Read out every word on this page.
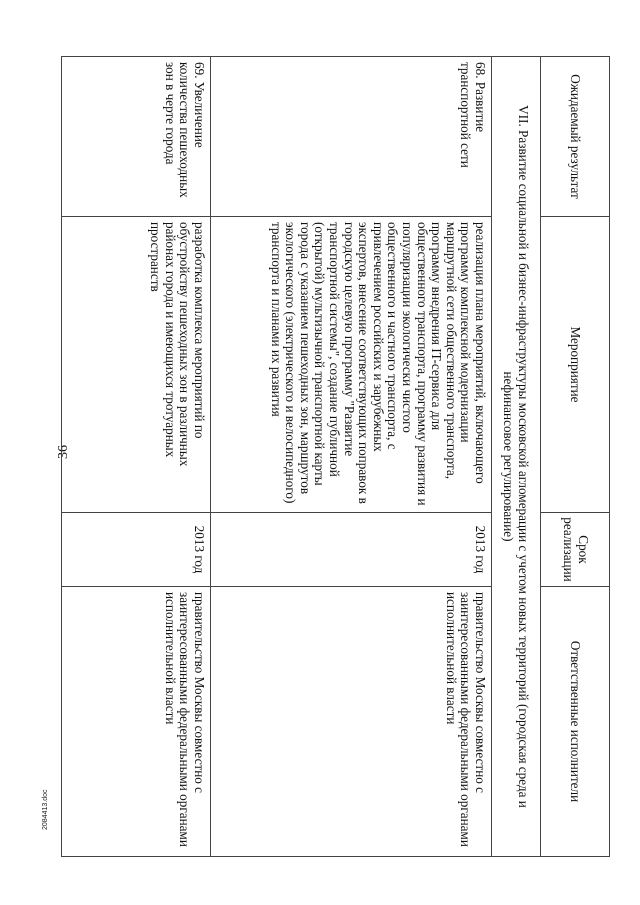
36
Ожидаемый результат	Мероприятие	Срок реализации	Ответственные исполнители
VII. Развитие социальной и бизнес-инфраструктуры московской агломерации с учетом новых территорий (городская среда и нефинансовое регулирование)			
68. Развитие транспортной сети	реализация плана мероприятий, включающего программу комплексной модернизации маршрутной сети общественного транспорта, программу внедрения IT-сервиса для общественного транспорта, программу развития и популяризации экологически чистого общественного и частного транспорта, с привлечением российских и зарубежных экспертов, внесение соответствующих поправок в городскую целевую программу "Развитие транспортной системы", создание публичной (открытой) мультизычной транспортной карты города с указанием пешеходных зон, маршрутов экологического (электрического и велосипедного) транспорта и планами их развития	2013 год	правительство Москвы совместно с заинтересованными федеральными органами исполнительной власти
69. Увеличение количества пешеходных зон в черте города	разработка комплекса мероприятий по обустройству пешеходных зон в различных районах города и имеющихся тротуарных пространств	2013 год	правительство Москвы совместно с заинтересованными федеральными органами исполнительной власти
2084413.doc
